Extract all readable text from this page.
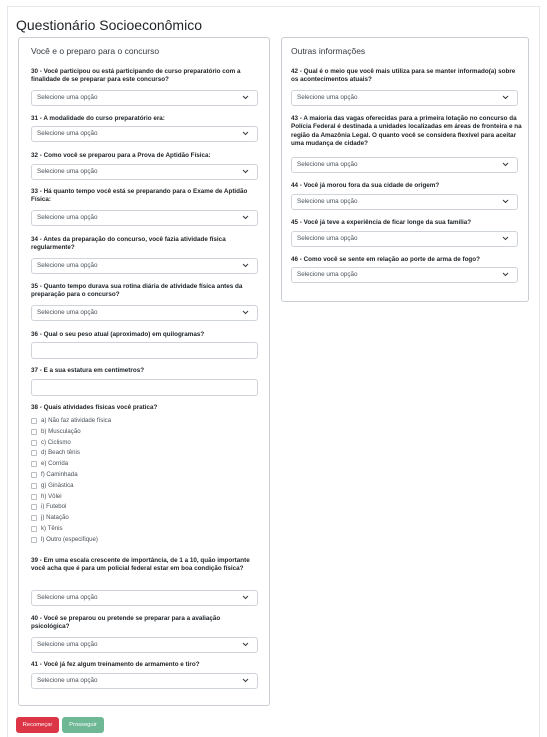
Questionário Socioeconômico
Você e o preparo para o concurso
30 - Você participou ou está participando de curso preparatório com a finalidade de se preparar para este concurso?
Selecione uma opção
31 - A modalidade do curso preparatório era:
Selecione uma opção
32 - Como você se preparou para a Prova de Aptidão Física:
Selecione uma opção
33 - Há quanto tempo você está se preparando para o Exame de Aptidão Física:
Selecione uma opção
34 - Antes da preparação do concurso, você fazia atividade física regularmente?
Selecione uma opção
35 - Quanto tempo durava sua rotina diária de atividade física antes da preparação para o concurso?
Selecione uma opção
36 - Qual o seu peso atual (aproximado) em quilogramas?
37 - E a sua estatura em centímetros?
38 - Quais atividades físicas você pratica?
a) Não faz atividade física
b) Musculação
c) Ciclismo
d) Beach tênis
e) Corrida
f) Caminhada
g) Ginástica
h) Vôlei
i) Futebol
j) Natação
k) Tênis
l) Outro (especifique)
39 - Em uma escala crescente de importância, de 1 a 10, quão importante você acha que é para um policial federal estar em boa condição física?
Selecione uma opção
40 - Você se preparou ou pretende se preparar para a avaliação psicológica?
Selecione uma opção
41 - Você já fez algum treinamento de armamento e tiro?
Selecione uma opção
Outras informações
42 - Qual é o meio que você mais utiliza para se manter informado(a) sobre os acontecimentos atuais?
Selecione uma opção
43 - A maioria das vagas oferecidas para a primeira lotação no concurso da Polícia Federal é destinada a unidades localizadas em áreas de fronteira e na região da Amazônia Legal. O quanto você se considera flexível para aceitar uma mudança de cidade?
Selecione uma opção
44 - Você já morou fora da sua cidade de origem?
Selecione uma opção
45 - Você já teve a experiência de ficar longe da sua família?
Selecione uma opção
46 - Como você se sente em relação ao porte de arma de fogo?
Selecione uma opção
Recomeçar	Prosseguir
